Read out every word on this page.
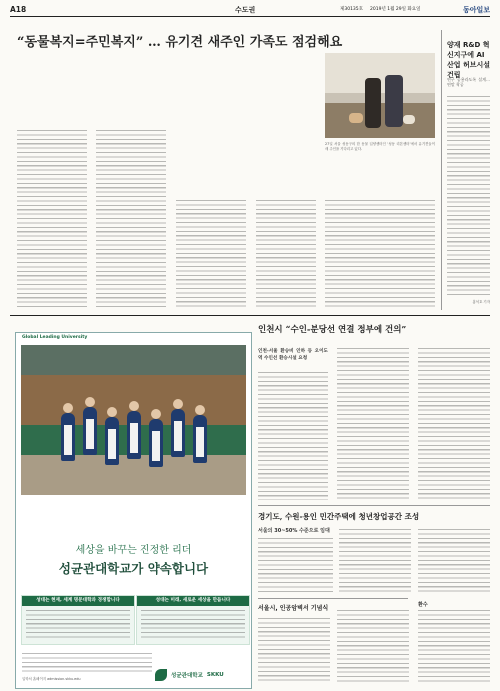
A18	수도권	제30135호 2019년 1월 29일 화요일	동아일보
“동물복지=주민복지” … 유기견 새주인 가족도 점검해요
27일 서울 성동구의 한 동물 입양센터인 ‘성동 리본센터’에서 유기견들이 새 주인을 기다리고 있다.
양재 R&D 혁신지구에 AI산업 허브시설 건립
연구 공용라도록 설계… 연말 착공
홍석호 기자
인천시 “수인-분당선 연결 정부에 건의”
인천-서울 환승비 인하 등 오이도역 수인선 환승시설 요청
경기도, 수원-용인 민간주택에 청년창업공간 조성
서울의 30~50% 수준으로 임대
서울시, 인공암벽서 기념식	환수
Global Leading University
세상을 바꾸는 진정한 리더
성균관대학교가 약속합니다
성대는 현재, 세계 명문대학과 경쟁합니다	성대는 미래, 새로운 세상을 만듭니다
입학처 홈페이지 admission.skku.edu	성균관대학교 SKKU
